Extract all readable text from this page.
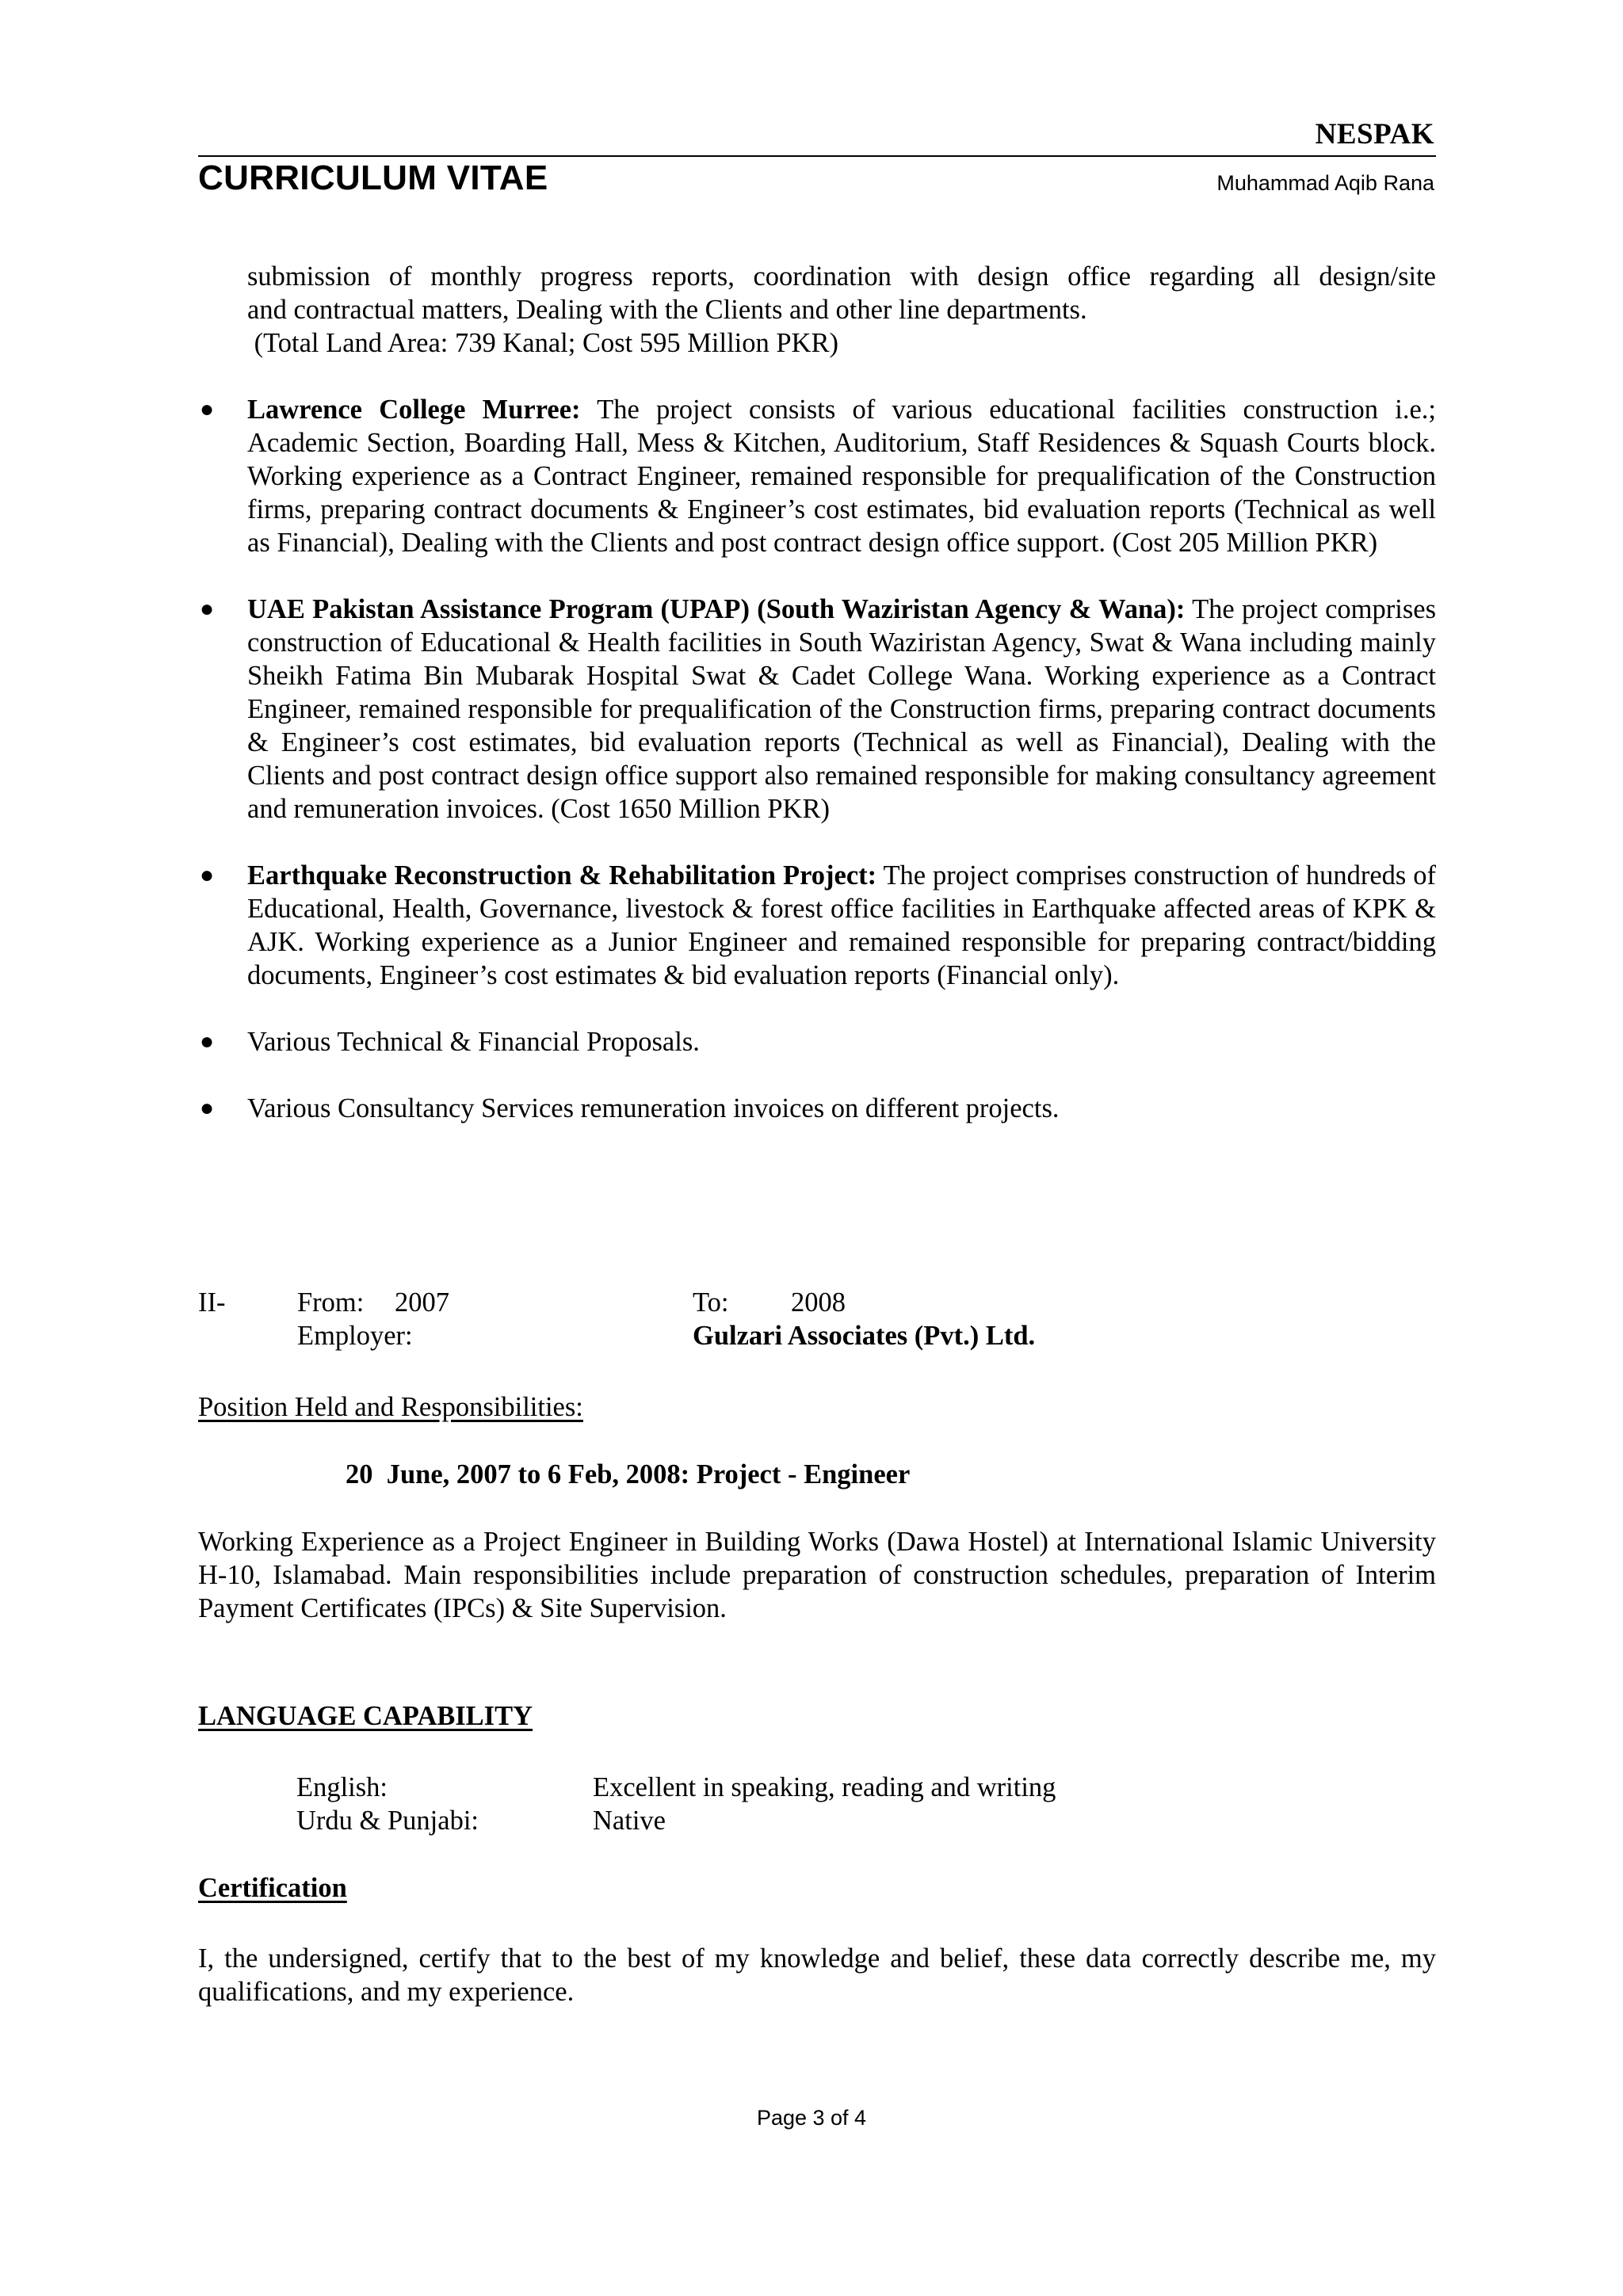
NESPAK
CURRICULUM VITAE	Muhammad Aqib Rana
submission of monthly progress reports, coordination with design office regarding all design/site
and contractual matters, Dealing with the Clients and other line departments.
(Total Land Area: 739 Kanal; Cost 595 Million PKR)
● Lawrence College Murree: The project consists of various educational facilities construction i.e.; Academic Section, Boarding Hall, Mess & Kitchen, Auditorium, Staff Residences & Squash Courts block. Working experience as a Contract Engineer, remained responsible for prequalification of the Construction firms, preparing contract documents & Engineer’s cost estimates, bid evaluation reports (Technical as well as Financial), Dealing with the Clients and post contract design office support. (Cost 205 Million PKR)
● UAE Pakistan Assistance Program (UPAP) (South Waziristan Agency & Wana): The project comprises construction of Educational & Health facilities in South Waziristan Agency, Swat & Wana including mainly Sheikh Fatima Bin Mubarak Hospital Swat & Cadet College Wana. Working experience as a Contract Engineer, remained responsible for prequalification of the Construction firms, preparing contract documents & Engineer’s cost estimates, bid evaluation reports (Technical as well as Financial), Dealing with the Clients and post contract design office support also remained responsible for making consultancy agreement and remuneration invoices. (Cost 1650 Million PKR)
● Earthquake Reconstruction & Rehabilitation Project: The project comprises construction of hundreds of Educational, Health, Governance, livestock & forest office facilities in Earthquake affected areas of KPK & AJK. Working experience as a Junior Engineer and remained responsible for preparing contract/bidding documents, Engineer’s cost estimates & bid evaluation reports (Financial only).
● Various Technical & Financial Proposals.
● Various Consultancy Services remuneration invoices on different projects.
II-	From: 2007	To: 2008
Employer:	Gulzari Associates (Pvt.) Ltd.
Position Held and Responsibilities:
20  June, 2007 to 6 Feb, 2008: Project - Engineer
Working Experience as a Project Engineer in Building Works (Dawa Hostel) at International Islamic University H-10, Islamabad. Main responsibilities include preparation of construction schedules, preparation of Interim Payment Certificates (IPCs) & Site Supervision.
LANGUAGE CAPABILITY
English:	Excellent in speaking, reading and writing
Urdu & Punjabi:	Native
Certification
I, the undersigned, certify that to the best of my knowledge and belief, these data correctly describe me, my qualifications, and my experience.
Page 3 of 4
